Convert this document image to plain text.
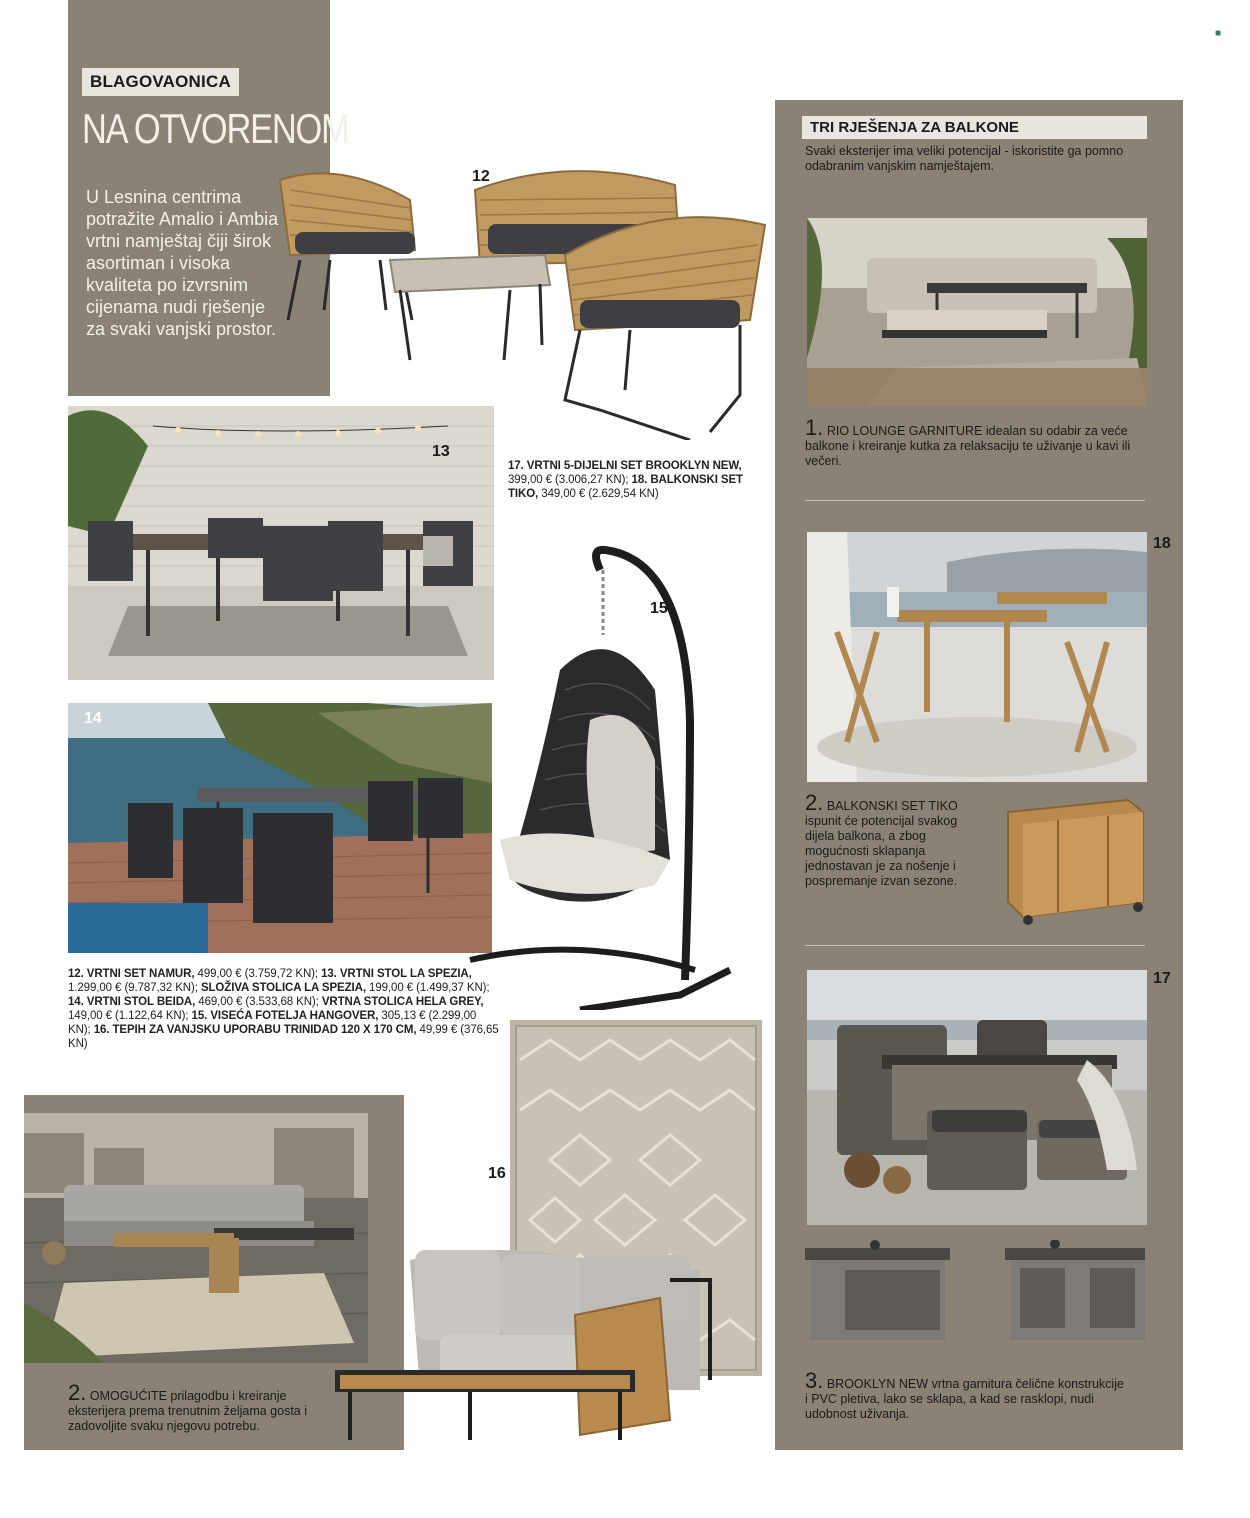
■
BLAGOVAONICA
NA OTVORENOM
U Lesnina centrima potražite Amalio i Ambia vrtni namještaj čiji širok asortiman i visoka kvaliteta po izvrsnim cijenama nudi rješenje za svaki vanjski prostor.
12
13
17. VRTNI 5-DIJELNI SET BROOKLYN NEW, 399,00 € (3.006,27 KN); 18. BALKONSKI SET TIKO, 349,00 € (2.629,54 KN)
14
15
12. VRTNI SET NAMUR, 499,00 € (3.759,72 KN); 13. VRTNI STOL LA SPEZIA, 1.299,00 € (9.787,32 KN); SLOŽIVA STOLICA LA SPEZIA, 199,00 € (1.499,37 KN); 14. VRTNI STOL BEIDA, 469,00 € (3.533,68 KN); VRTNA STOLICA HELA GREY, 149,00 € (1.122,64 KN); 15. VISEĆA FOTELJA HANGOVER, 305,13 € (2.299,00 KN); 16. TEPIH ZA VANJSKU UPORABU TRINIDAD 120 X 170 CM, 49,99 € (376,65 KN)
16
2. OMOGUĆITE prilagodbu i kreiranje eksterijera prema trenutnim željama gosta i zadovoljite svaku njegovu potrebu.
TRI RJEŠENJA ZA BALKONE
Svaki eksterijer ima veliki potencijal - iskoristite ga pomno odabranim vanjskim namještajem.
1. RIO LOUNGE GARNITURE idealan su odabir za veće balkone i kreiranje kutka za relaksaciju te uživanje u kavi ili večeri.
18
2. BALKONSKI SET TIKO ispunit će potencijal svakog dijela balkona, a zbog mogućnosti sklapanja jednostavan je za nošenje i pospremanje izvan sezone.
17
3. BROOKLYN NEW vrtna garnitura čelične konstrukcije i PVC pletiva, lako se sklapa, a kad se rasklopi, nudi udobnost uživanja.
